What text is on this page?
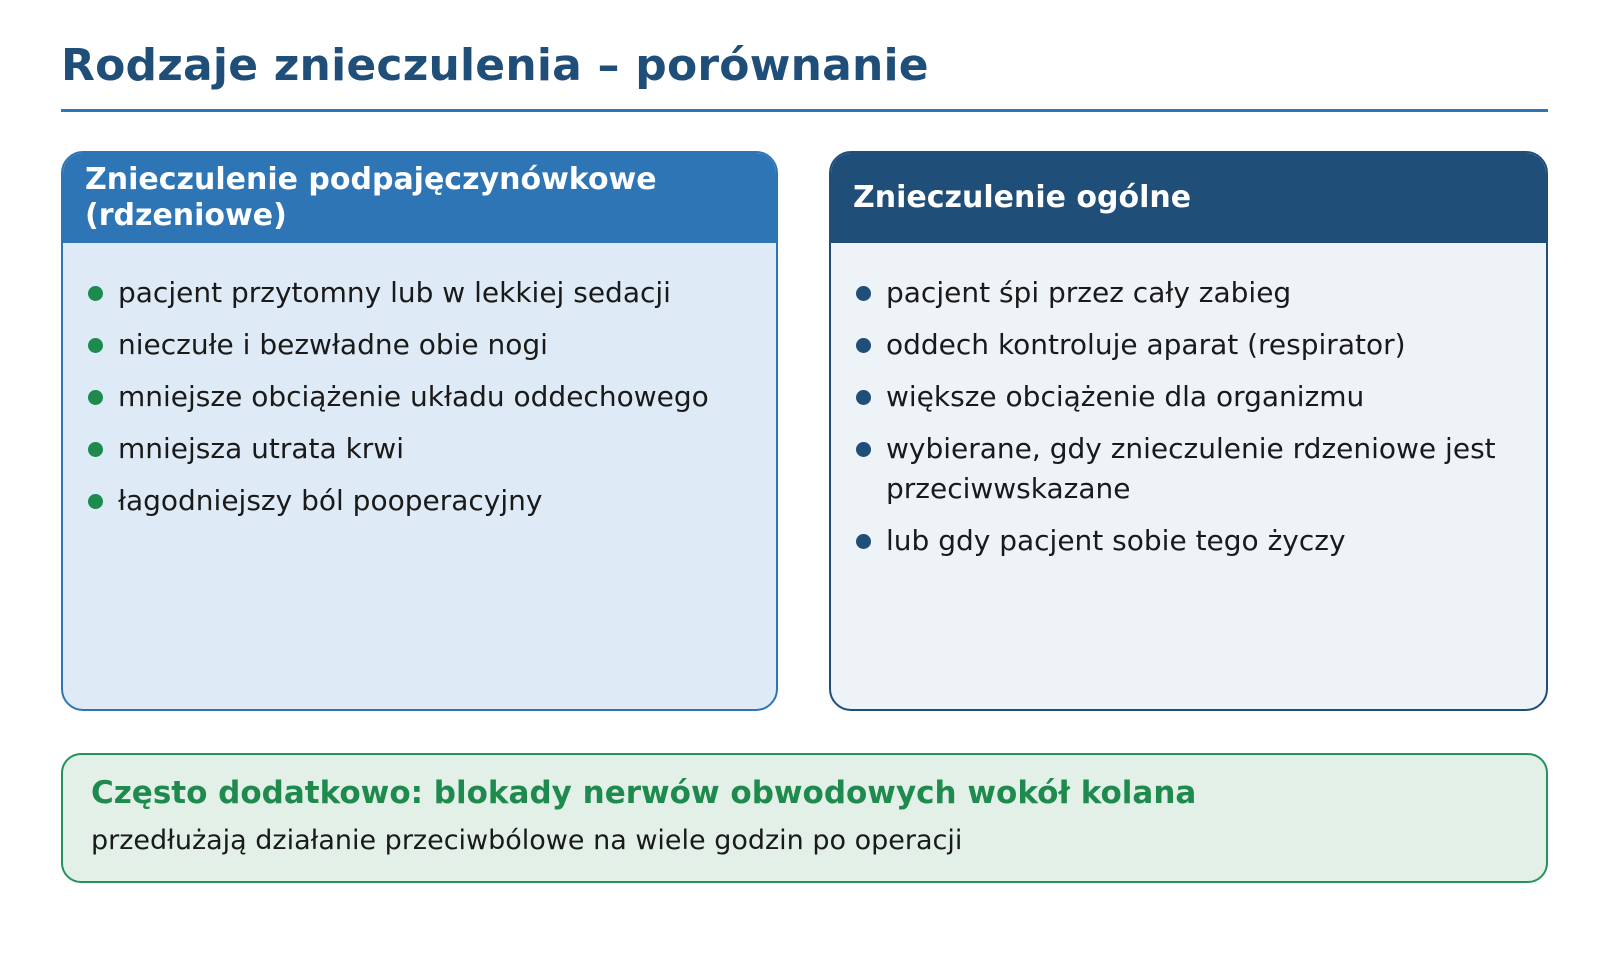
Rodzaje znieczulenia – porównanie
Znieczulenie podpajęczynówkowe (rdzeniowe)
pacjent przytomny lub w lekkiej sedacji
nieczułe i bezwładne obie nogi
mniejsze obciążenie układu oddechowego
mniejsza utrata krwi
łagodniejszy ból pooperacyjny
Znieczulenie ogólne
pacjent śpi przez cały zabieg
oddech kontroluje aparat (respirator)
większe obciążenie dla organizmu
wybierane, gdy znieczulenie rdzeniowe jest przeciwwskazane
lub gdy pacjent sobie tego życzy
Często dodatkowo: blokady nerwów obwodowych wokół kolana
przedłużają działanie przeciwbólowe na wiele godzin po operacji
